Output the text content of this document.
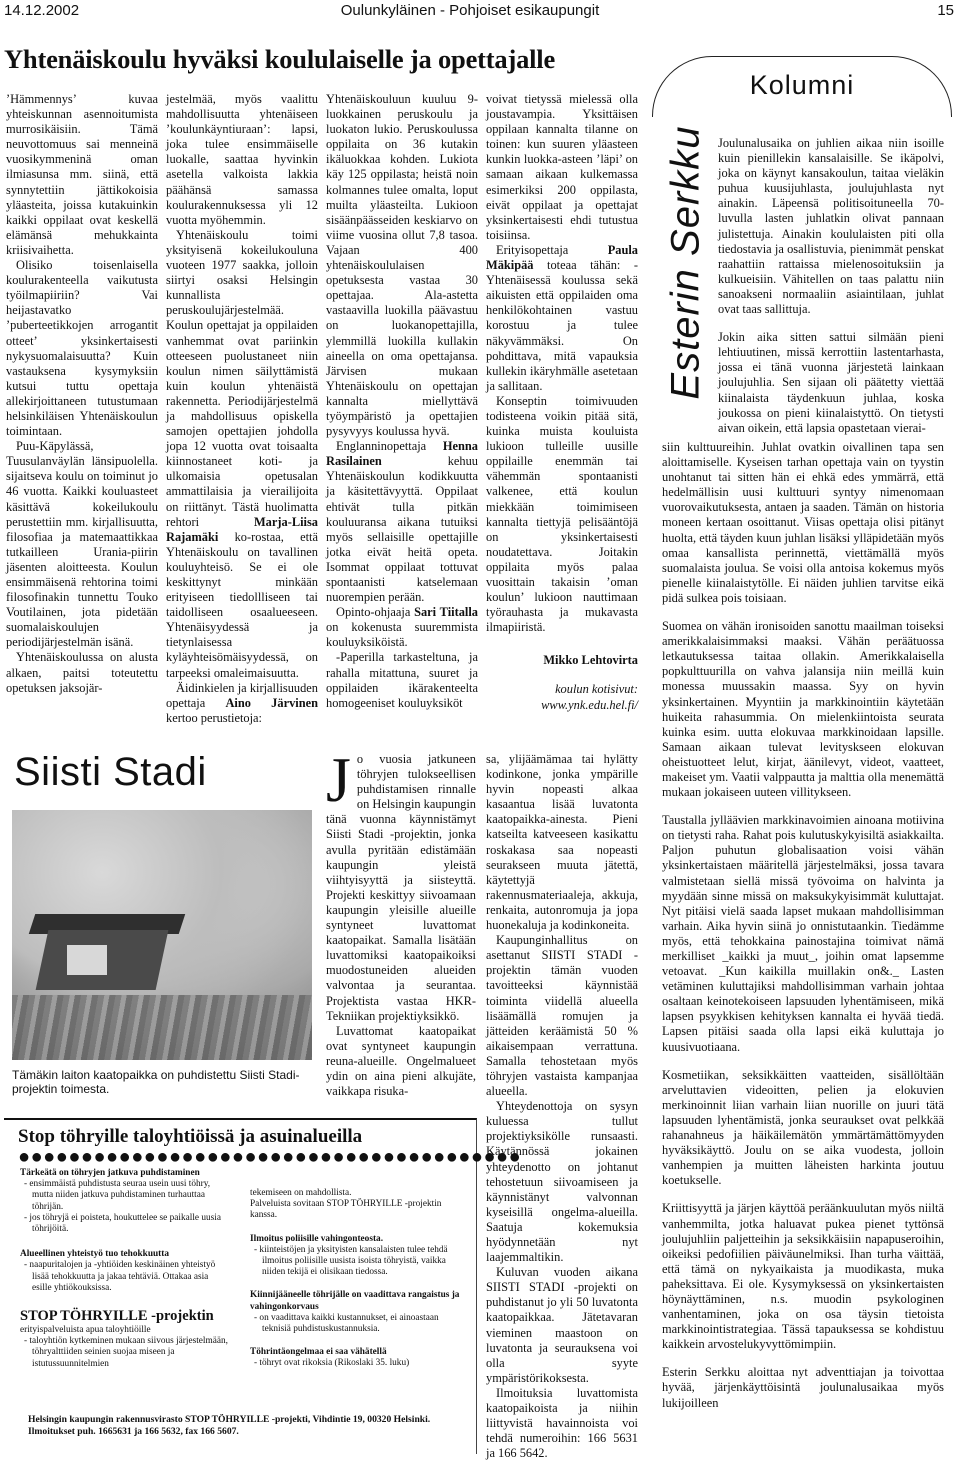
14.12.2002	Oulunkyläinen - Pohjoiset esikaupungit	15
Yhtenäiskoulu hyväksi koululaiselle ja opettajalle

’Hämmennys’ kuvaa yhteiskunnan asennoitumista murrosikäisiin. Tämä neuvottomuus sai menneinä vuosikymmeninä oman ilmiasunsa mm. siinä, että synnytettiin jättikokoisia yläasteita, joissa kutakuinkin kaikki oppilaat ovat keskellä elämänsä mehukkainta kriisivaihetta.

Olisiko toisenlaisella koulurakenteella vaikutusta työilmapiiriin? Vai heijastavatko ’puberteetikkojen arrogantit otteet’ yksinkertaisesti nykysuomalaisuutta? Kuin vastauksena kysymyksiin kutsui tuttu opettaja allekirjoittaneen tutustumaan helsinkiläisen Yhtenäiskoulun toimintaan.

Puu-Käpylässä, Tuusulanväylän länsipuolella. sijaitseva koulu on toiminut jo 46 vuotta. Kaikki kouluasteet käsittävä kokeilukoulu perustettiin mm. kirjallisuutta, filosofiaa ja matemaattikkaa tutkailleen Urania-piirin jäsenten aloitteesta. Koulun ensimmäisenä rehtorina toimi filosofinakin tunnettu Touko Voutilainen, jota pidetään suomalaiskoulujen periodijärjestelmän isänä.

Yhtenäiskoulussa on alusta alkaen, paitsi toteutettu opetuksen jaksojär-

jestelmää, myös vaalittu mahdollisuutta yhtenäiseen ’koulunkäyntiuraan’: lapsi, joka tulee ensimmäiselle luokalle, saattaa hyvinkin asetella valkoista lakkia päähänsä samassa koulurakennuksessa yli 12 vuotta myöhemmin.

Yhtenäiskoulu toimi yksityisenä kokeilukouluna vuoteen 1977 saakka, jolloin siirtyi osaksi Helsingin kunnallista peruskoulujärjestelmää. Koulun opettajat ja oppilaiden vanhemmat ovat pariinkin otteeseen puolustaneet niin koulun nimen säilyttämistä kuin koulun yhtenäistä rakennetta. Periodijärjestelmä ja mahdollisuus opiskella samojen opettajien johdolla jopa 12 vuotta ovat toisaalta kiinnostaneet koti- ja ulkomaisia opetusalan ammattilaisia ja vierailijoita on riittänyt. Tästä huolimatta rehtori	Marja-Liisa Rajamäki ko-rostaa, että Yhtenäiskoulu on tavallinen kouluyhteisö. Se ei ole keskittynyt minkään erityiseen tiedollliseen tai taidolliseen osaalueeseen. Yhtenäisyydessä ja tietynlaisessa kyläyhteisömäisyydessä, on tarpeeksi omaleimaisuutta.

Äidinkielen ja kirjallisuuden opettaja Aino Järvinen kertoo perustietoja:

Yhtenäiskouluun kuuluu 9-luokkainen peruskoulu ja luokaton lukio. Peruskoulussa oppilaita on 36 kutakin ikäluokkaa kohden. Lukiota käy 125 oppilasta; heistä noin kolmannes tulee omalta, loput muilta yläasteilta. Lukioon sisäänpäässeiden keskiarvo on viime vuosina ollut 7,8 tasoa. Vajaan 400 yhtenäiskoululaisen opetuksesta vastaa 30 opettajaa. Ala-astetta vastaavilla luokilla päävastuu on luokanopettajilla, ylemmillä luokilla kullakin aineella on oma opettajansa. Järvisen mukaan Yhtenäiskoulu on opettajan kannalta miellyttävä työympäristö ja opettajien pysyvyys koulussa hyvä.

Englanninopettaja Henna Rasilainen	kehuu Yhtenäiskoulun kodikkuutta ja käsitettävyyttä. Oppilaat ehtivät tulla pitkän kouluuransa aikana tutuiksi myös sellaisille opettajille jotka eivät heitä opeta. Isommat oppilaat tottuvat spontaanisti katselemaan nuorempien perään.

Opinto-ohjaaja Sari Tiitalla on kokenusta suuremmista kouluyksiköistä.

-Paperilla tarkasteltuna, ja rahalla mitattuna, suuret ja oppilaiden ikärakenteelta homogeeniset kouluyksiköt

voivat tietyssä mielessä olla joustavampia. Yksittäisen oppilaan kannalta tilanne on toinen: kun suuren yläasteen kunkin luokka-asteen ’läpi’ on samaan aikaan kulkemassa esimerkiksi 200 oppilasta, eivät oppilaat ja opettajat yksinkertaisesti ehdi tutustua toisiinsa.

Erityisopettaja	Paula Mäkipää toteaa tähän: -Yhtenäisessä koulussa sekä aikuisten että oppilaiden oma henkilökohtainen vastuu korostuu ja tulee näkyvämmäksi. On pohdittava, mitä vapauksia kullekin ikäryhmälle asetetaan ja sallitaan.

Konseptin toimivuuden todisteena voikin pitää sitä, kuinka muista kouluista lukioon tulleille uusille oppilaille enemmän tai vähemmän spontaanisti valkenee, että koulun miekkään toimimiseen kannalta tiettyjä pelisääntöjä on yksinkertaisesti noudatettava. Joitakin oppilaita myös palaa vuosittain takaisin ’oman koulun’ lukioon nauttimaan työrauhasta ja mukavasta ilmapiiristä.

Mikko Lehtovirta

koulun kotisivut:

www.ynk.edu.hel.fi/

Kolumni
Esterin Serkku Joulunalusaika on juhlien aikaa niin isoille kuin pienillekin kansalaisille. Se ikäpolvi, joka on käynyt kansakoulun, taitaa vieläkin puhua kuusijuhlasta, joulujuhlasta nyt ainakin. Läpeensä politisoituneella 70-luvulla lasten juhlatkin olivat pannaan julistettuja. Ainakin koululaisten piti olla tiedostavia ja osallistuvia, pienimmät penskat raahattiin rattaissa mielenosoituksiin ja kulkueisiin. Vähitellen on taas palattu niin sanoakseni normaaliin asiaintilaan, juhlat ovat taas sallittuja.

Jokin aika sitten sattui silmään pieni lehtiuutinen, missä kerrottiin lastentarhasta, jossa ei tänä vuonna järjestetä lainkaan joulujuhlia. Sen sijaan oli päätetty viettää kiinalaista täydenkuun juhlaa, koska joukossa on pieni kiinalaistyttö. On tietysti aivan oikein, että lapsia opastetaan vierai-

siin kulttuureihin. Juhlat ovatkin oivallinen tapa sen aloittamiselle. Kyseisen tarhan opettaja vain on tyystin unohtanut tai sitten hän ei ehkä edes ymmärrä, että hedelmällisin uusi kulttuuri syntyy nimenomaan vuorovaikutuksesta, antaen ja saaden. Tämän on historia moneen kertaan osoittanut. Viisas opettaja olisi pitänyt huolta, että täyden kuun juhlan lisäksi ylläpidetään myös omaa kansallista perinnettä, viettämällä myös suomalaista joulua. Se voisi olla antoisa kokemus myös pienelle kiinalaistytölle. Ei näiden juhlien tarvitse eikä pidä sulkea pois toisiaan.

Suomea on vähän ironisoiden sanottu maailman toiseksi amerikkalaisimmaksi maaksi. Vähän peräätuossa letkautuksessa taitaa ollakin. Amerikkalaisella popkulttuurilla on vahva jalansija niin meillä kuin monessa muussakin maassa. Syy on hyvin yksinkertainen. Myyntiin ja markkinointiin käytetään huikeita rahasummia. On mielenkiintoista seurata kuinka esim. uutta elokuvaa markkinoidaan lapsille. Samaan aikaan tulevat levityskseen elokuvan oheistuotteet lelut, kirjat, äänilevyt, videot, vaatteet, makeiset ym. Vaatii valppautta ja malttia olla menemättä mukaan jokaiseen uuteen villitykseen.

Taustalla jylläävien markkinavoimien ainoana motiivina on tietysti raha. Rahat pois kulutuskykyisiltä asiakkailta. Paljon puhutun globalisaation voisi vähän yksinkertaistaen määritellä järjestelmäksi, jossa tavara valmistetaan siellä missä työvoima on halvinta ja myydään sinne missä on maksukykyisimmät kuluttajat. Nyt pitäisi vielä saada lapset mukaan mahdollisimman varhain. Aika hyvin siinä jo onnistutaankin. Tiedämme myös, että tehokkaina painostajina toimivat nämä merkilliset _kaikki ja muut_, joihin omat lapsemme vetoavat. _Kun kaikilla muillakin on&._ Lasten vetäminen kuluttajiksi mahdollisimman varhain johtaa osaltaan keinotekoiseen lapsuuden lyhentämiseen, mikä lapsen psyykkisen kehityksen kannalta ei hyvää tiedä. Lapsen pitäisi saada olla lapsi eikä kuluttaja jo kuusivuotiaana.

Kosmetiikan, seksikkäitten vaatteiden, sisällöltään arveluttavien videoitten, pelien ja elokuvien merkinoinnit liian varhain liian nuorille on juuri tätä lapsuuden lyhentämistä, jonka seuraukset ovat pelkkää rahanahneus ja häikäilemätön ymmärtämättömyyden hyväksikäyttö. Joulu on se aika vuodesta, jolloin vanhempien ja muitten läheisten harkinta joutuu koetukselle.

Kriittisyyttä ja järjen käyttöä peräänkuulutan myös niiltä vanhemmilta, jotka haluavat pukea pienet tyttönsä joulujuhliin paljetteihin ja seksikkäisiin napapuseroihin, oikeiksi pedofiilien päiväunelmiksi. Ihan turha väittää, että tämä on nykyaikaista ja muodikasta, muka paheksittava. Ei ole. Kysymyksessä on yksinkertaisten höynäyttäminen, n.s. muodin psykologinen vanhentaminen, joka on osa täysin tietoista markkinointistrategiaa. Tässä tapauksessa se kohdistuu kaikkein arvostelukyvyttömimpiin.

Esterin Serkku aloittaa nyt adventtiajan ja toivottaa hyvää, järjenkäyttöisintä joulunalusaikaa myös lukijoilleen

Siisti Stadi
Tämäkin laiton kaatopaikka on puhdistettu Siisti Stadi-projektin toimesta.

Jo vuosia jatkuneen töhryjen tulokseellisen puhdistamisen rinnalle on Helsingin kaupungin tänä vuonna käynnistämyt Siisti Stadi -projektin, jonka avulla pyritään edistämään kaupungin yleistä viihtyisyyttä ja siisteyttä. Projekti keskittyy siivoamaan kaupungin yleisille alueille syntyneet luvattomat kaatopaikat. Samalla lisätään luvattomiksi kaatopaikoiksi muodostuneiden alueiden valvontaa ja seurantaa. Projektista vastaa HKR-Tekniikan projektiyksikkö.

Luvattomat kaatopaikat ovat syntyneet kaupungin reuna-alueille. Ongelmalueet ydin on aina pieni alkujäte, vaikkapa risuka-

sa, ylijäämämaa tai hylätty kodinkone, jonka ympärille hyvin nopeasti alkaa kasaantua lisää luvatonta kaatopaikka-ainesta. Pieni katseilta katveeseen kasikattu roskakasa saa nopeasti seurakseen muuta jätettä, käytettyjä rakennusmateriaaleja, akkuja, renkaita, autonromuja ja jopa huonekaluja ja kodinkoneita.

Kaupunginhallitus on asettanut SIISTI STADI -projektin tämän vuoden tavoitteeksi käynnistää toiminta viidellä alueella lisäämällä romujen ja jätteiden keräämistä 50 % aikaisempaan verrattuna. Samalla tehostetaan myös töhryjen vastaista kampanjaa alueella.

Yhteydenottoja on sysyn kuluessa tullut projektiyksikölle runsaasti. Käytännössä jokainen yhteydenotto on johtanut tehostetuun siivoamiseen ja käynnistänyt valvonnan kyseisillä ongelma-alueilla. Saatuja kokemuksia hyödynnetään nyt laajemmaltikin.

Kuluvan vuoden aikana SIISTI STADI -projekti on puhdistanut jo yli 50 luvatonta kaatopaikkaa. Jätetavaran vieminen maastoon on luvatonta ja seurauksena voi olla syyte ympäristörikoksesta.

Ilmoituksia luvattomista kaatopaikoista ja niihin liittyvistä havainnoista voi tehdä numeroihin: 166 5631 ja 166 5642.

Stop töhryille taloyhtiöissä ja asuinalueilla
●●●●●●●●●●●●●●●●●●●●●●●●●●●●●●●●●●●●●●●●
Tärkeätä on töhryjen jatkuva puhdistaminen
- ensimmäistä puhdistusta seuraa usein uusi töhry, mutta niiden jatkuva puhdistaminen turhauttaa töhrijän.
- jos töhryjä ei poisteta, houkuttelee se paikalle uusia töhrijöitä.
Alueellinen yhteistyö tuo tehokkuutta
- naapuritalojen ja -yhtiöiden keskinäinen yhteistyö lisää tehokkuutta ja jakaa tehtäviä. Ottakaa asia esille yhtiökouksissa.
STOP TÖHRYILLE -projektin
erityispalveluista apua taloyhtiöille
- taloyhtiön kytkeminen mukaan siivous järjestelmään, töhryalttiiden seinien suojaa miseen ja istutussuunnitelmien
tekemiseen on mahdollista.
Palveluista sovitaan STOP TÖHRYILLE -projektin kanssa.
Ilmoitus poliisille vahingonteosta.
- kiinteistöjen ja yksityisten kansalaisten tulee tehdä ilmoitus poliisille uusista isoista töhryistä, vaikka niiden tekijä ei olisikaan tiedossa.
Kiinnijääneelle töhrijälle on vaadittava rangaistus ja vahingonkorvaus
- on vaadittava kaikki kustannukset, ei ainoastaan teknisiä puhdistuskustannuksia.
Töhrintäongelmaa ei saa vähätellä
- töhryt ovat rikoksia (Rikoslaki 35. luku)
Helsingin kaupungin rakennusvirasto STOP TÖHRYILLE -projekti, Vihdintie 19, 00320 Helsinki. Ilmoitukset puh. 1665631 ja 166 5632, fax 166 5607.
